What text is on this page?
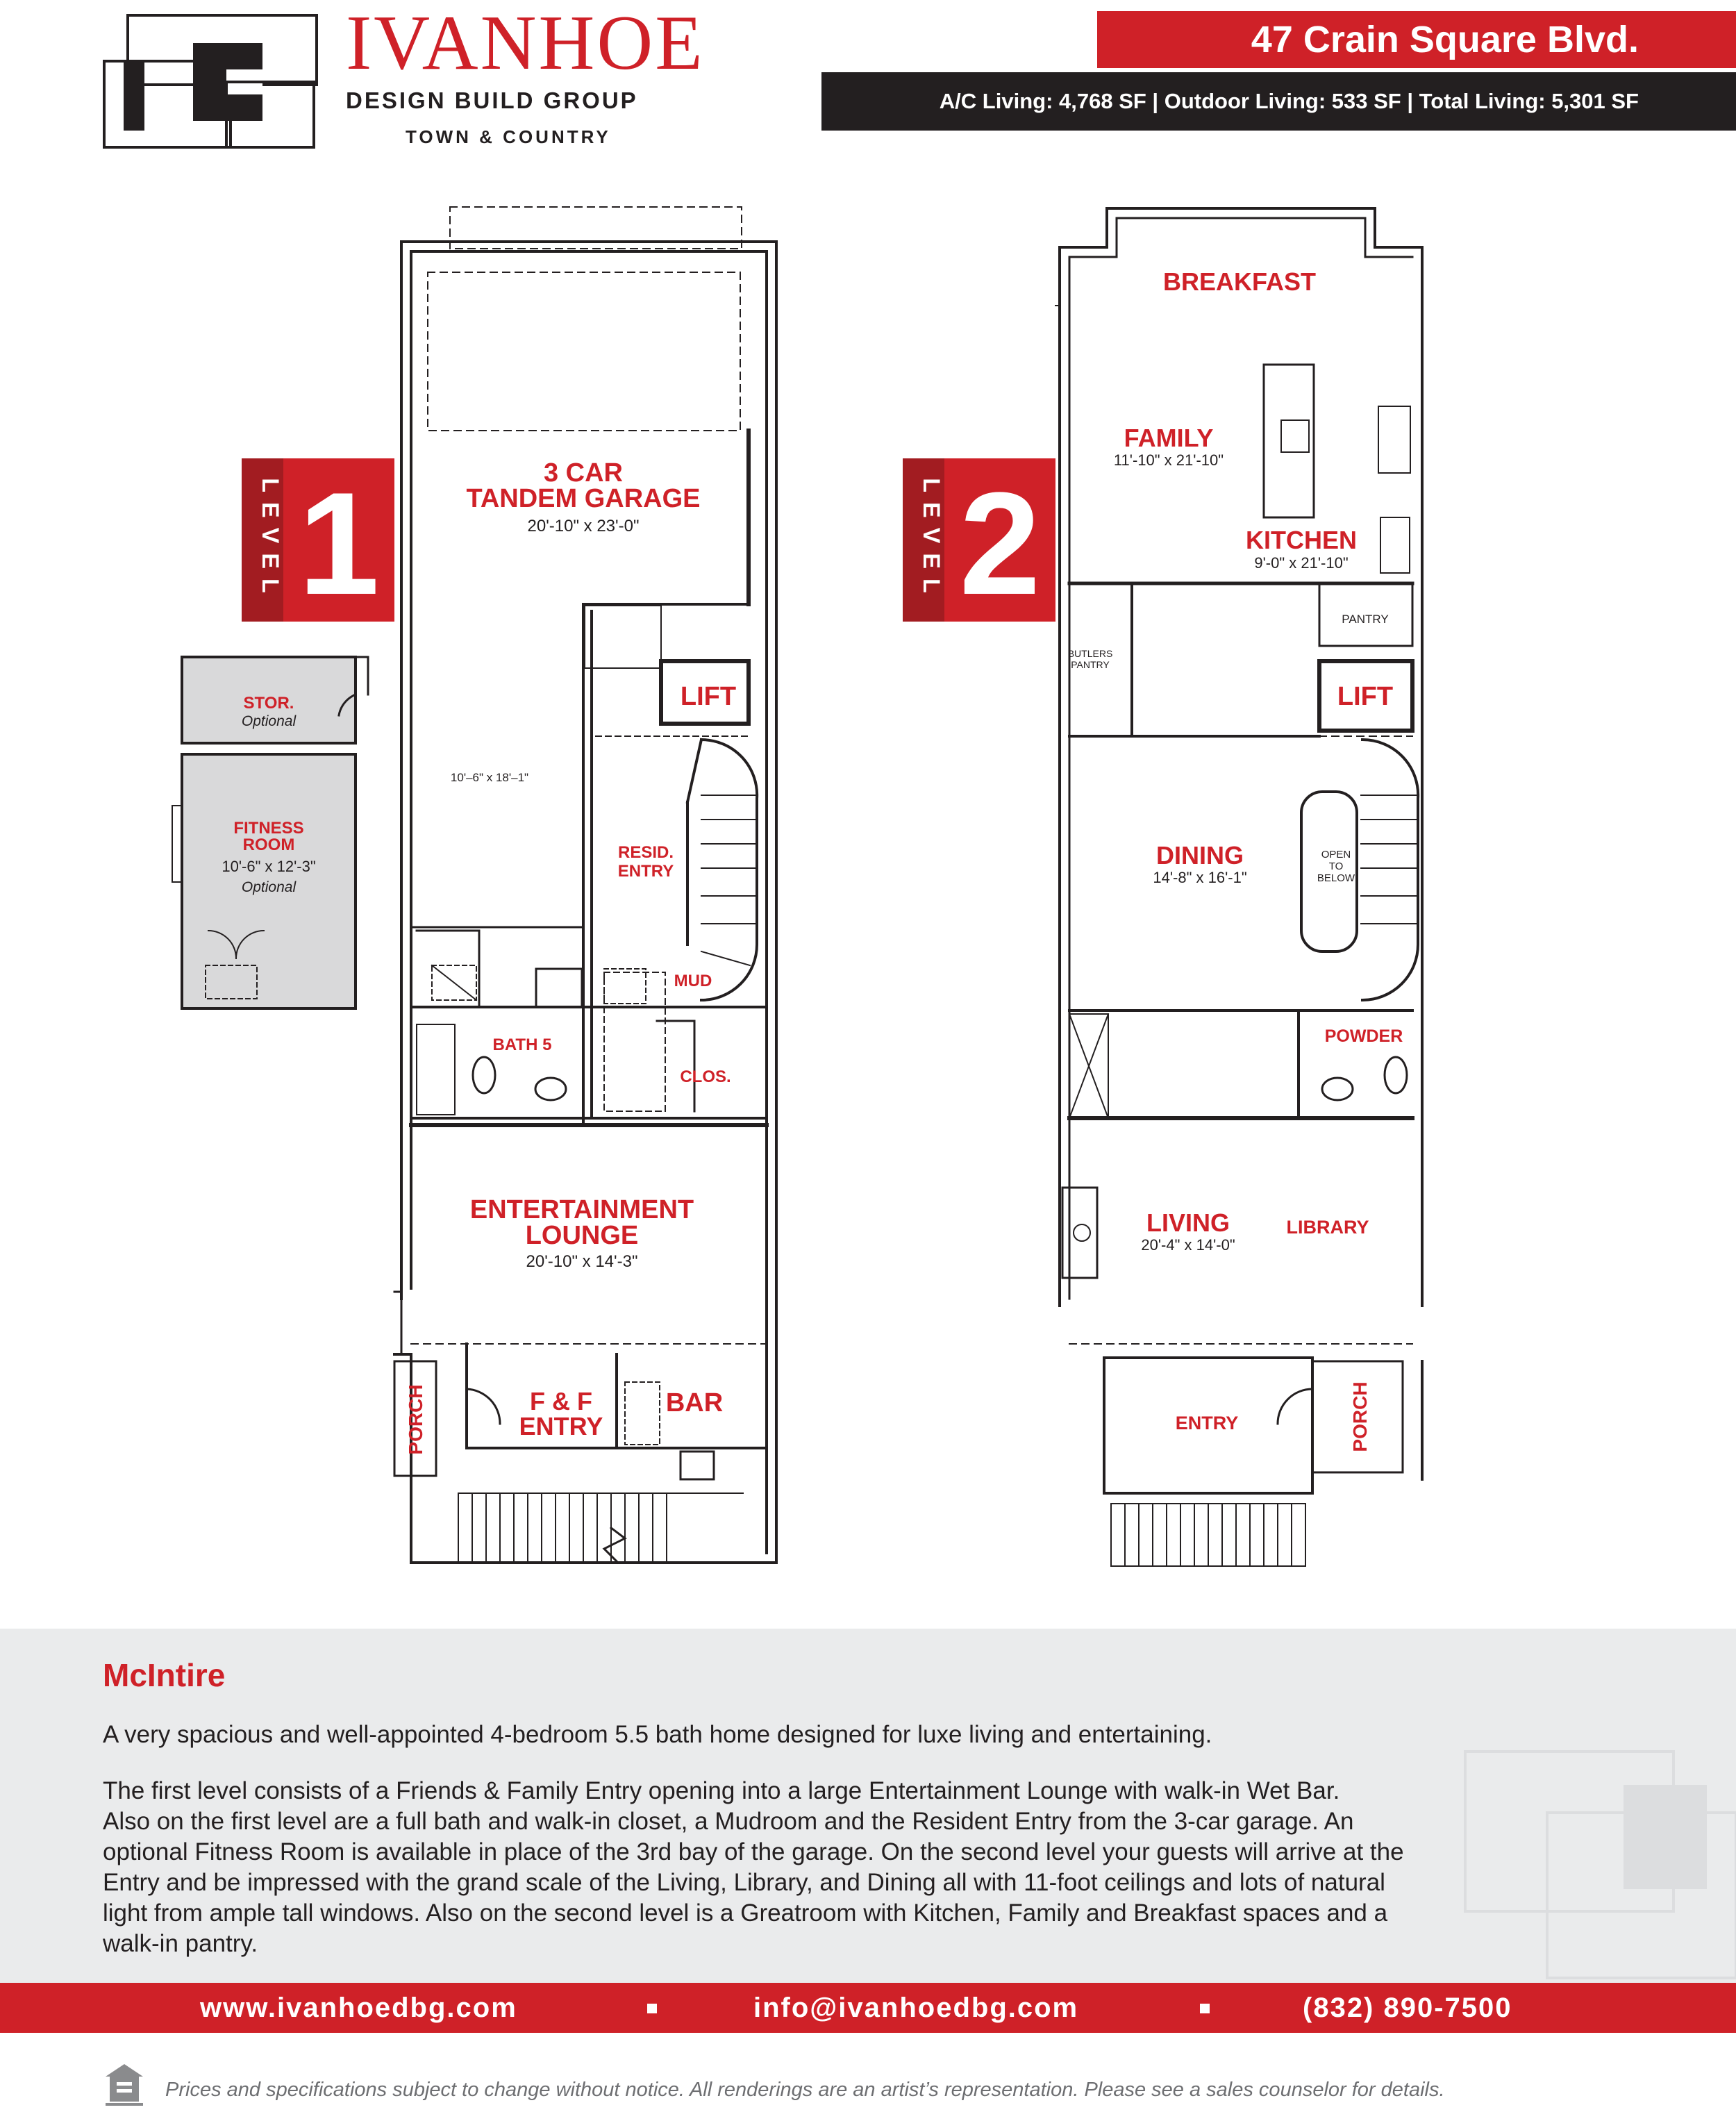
IVANHOE
DESIGN BUILD GROUP
TOWN & COUNTRY
47 Crain Square Blvd.
A/C Living: 4,768 SF | Outdoor Living: 533 SF | Total Living: 5,301 SF
LEVEL 1	LEVEL 2
3 CAR
TANDEM GARAGE
20'-10" x 23'-0"
10'–6" x 18'–1"
LIFT
RESID.
ENTRY
MUD
BATH 5
CLOS.
ENTERTAINMENT
LOUNGE
20'-10" x 14'-3"
F & F
ENTRY
BAR
PORCH
STOR.
Optional
FITNESS
ROOM
10'-6" x 12'-3"
Optional
BREAKFAST
FAMILY
11'-10" x 21'-10"
KITCHEN
9'-0" x 21'-10"
PANTRY
BUTLERS
PANTRY
LIFT
DINING
14'-8" x 16'-1"
OPEN
TO
BELOW
POWDER
LIVING
20'-4" x 14'-0"
LIBRARY
ENTRY	PORCH
McIntire
A very spacious and well-appointed 4-bedroom 5.5 bath home designed for luxe living and entertaining.
The first level consists of a Friends & Family Entry opening into a large Entertainment Lounge with walk-in Wet Bar.
Also on the first level are a full bath and walk-in closet, a Mudroom and the Resident Entry from the 3-car garage. An
optional Fitness Room is available in place of the 3rd bay of the garage. On the second level your guests will arrive at the
Entry and be impressed with the grand scale of the Living, Library, and Dining all with 11-foot ceilings and lots of natural
light from ample tall windows. Also on the second level is a Greatroom with Kitchen, Family and Breakfast spaces and a
walk-in pantry.
www.ivanhoedbg.com	info@ivanhoedbg.com	(832) 890-7500
Prices and specifications subject to change without notice. All renderings are an artist’s representation. Please see a sales counselor for details.
